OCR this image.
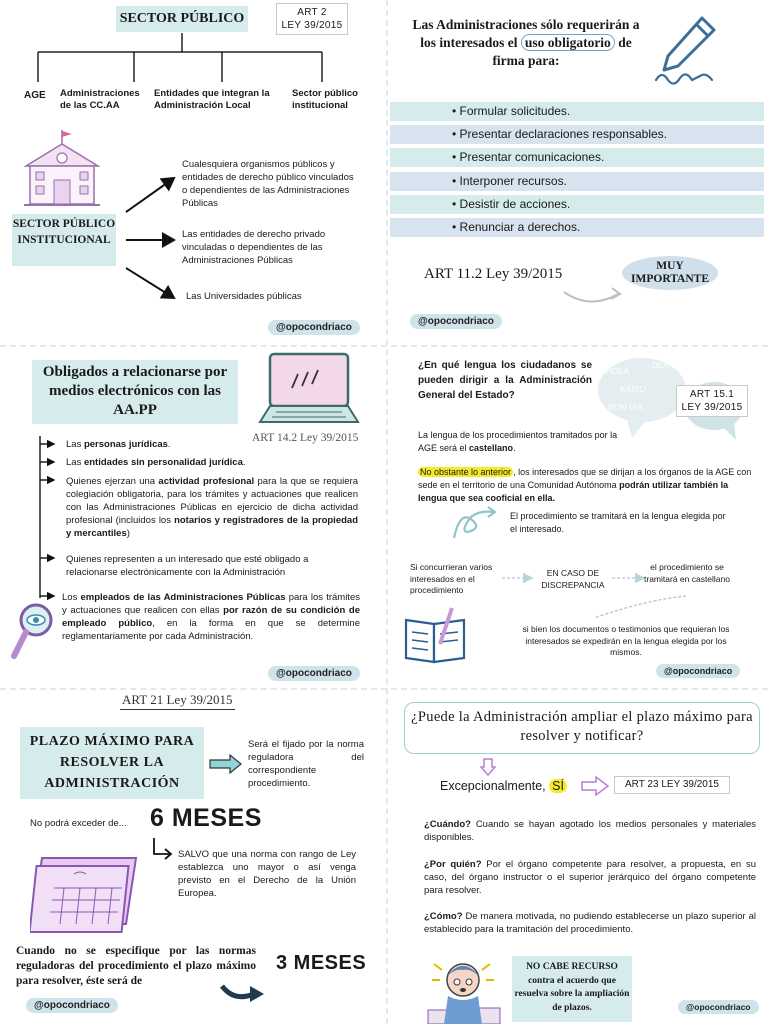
SECTOR PÚBLICO	ART 2
LEY 39/2015
AGE Administraciones de las CC.AA
Entidades que integran la Administración Local
Sector público institucional
SECTOR PÚBLICO INSTITUCIONAL
Cualesquiera organismos públicos y entidades de derecho público vinculados o dependientes de las Administraciones Públicas
Las entidades de derecho privado vinculadas o dependientes de las Administraciones Públicas
Las Universidades públicas
@opocondriaco
Las Administraciones sólo requerirán a los interesados el uso obligatorio de firma para:
• Formular solicitudes.
• Presentar declaraciones responsables.
• Presentar comunicaciones.
• Interponer recursos.
• Desistir de acciones.
• Renunciar a derechos.
ART 11.2 Ley 39/2015	MUY IMPORTANTE
@opocondriaco
Obligados a relacionarse por medios electrónicos con las AA.PP
ART 14.2 Ley 39/2015
Las personas jurídicas.
Las entidades sin personalidad jurídica.
Quienes ejerzan una actividad profesional para la que se requiera colegiación obligatoria, para los trámites y actuaciones que realicen con las Administraciones Públicas en ejercicio de dicha actividad profesional (incluidos los notarios y registradores de la propiedad y mercantiles)
Quienes representen a un interesado que esté obligado a relacionarse electrónicamente con la Administración
Los empleados de las Administraciones Públicas para los trámites y actuaciones que realicen con ellas por razón de su condición de empleado público, en la forma en que se determine reglamentariamente por cada Administración.
@opocondriaco
¿En qué lengua los ciudadanos se pueden dirigir a la Administración General del Estado?
HOLA
OLA
KAIXO
BON DIA
ART 15.1
LEY 39/2015
La lengua de los procedimientos tramitados por la AGE será el castellano.
No obstante lo anterior , los interesados que se dirijan a los órganos de la AGE con sede en el territorio de una Comunidad Autónoma podrán utilizar también la lengua que sea cooficial en ella.
El procedimiento se tramitará en la lengua elegida por el interesado.
Si concurrieran varios interesados en el procedimiento
EN CASO DE DISCREPANCIA
el procedimiento se tramitará en castellano
si bien los documentos o testimonios que requieran los interesados se expedirán en la lengua elegida por los mismos.
@opocondriaco
ART 21 Ley 39/2015
PLAZO MÁXIMO PARA RESOLVER LA ADMINISTRACIÓN
Será el fijado por la norma reguladora del correspondiente procedimiento.
No podrá exceder de... 6 MESES
SALVO que una norma con rango de Ley establezca uno mayor o así venga previsto en el Derecho de la Unión Europea.
Cuando no se especifique por las normas reguladoras del procedimiento el plazo máximo para resolver, éste será de
3 MESES
@opocondriaco
¿Puede la Administración ampliar el plazo máximo para resolver y notificar?
Excepcionalmente, SÍ	ART 23 LEY 39/2015
¿Cuándo? Cuando se hayan agotado los medios personales y materiales disponibles.
¿Por quién? Por el órgano competente para resolver, a propuesta, en su caso, del órgano instructor o el superior jerárquico del órgano competente para resolver.
¿Cómo? De manera motivada, no pudiendo establecerse un plazo superior al establecido para la tramitación del procedimiento.
NO CABE RECURSO
contra el acuerdo que resuelva sobre la ampliación de plazos.	@opocondriaco
